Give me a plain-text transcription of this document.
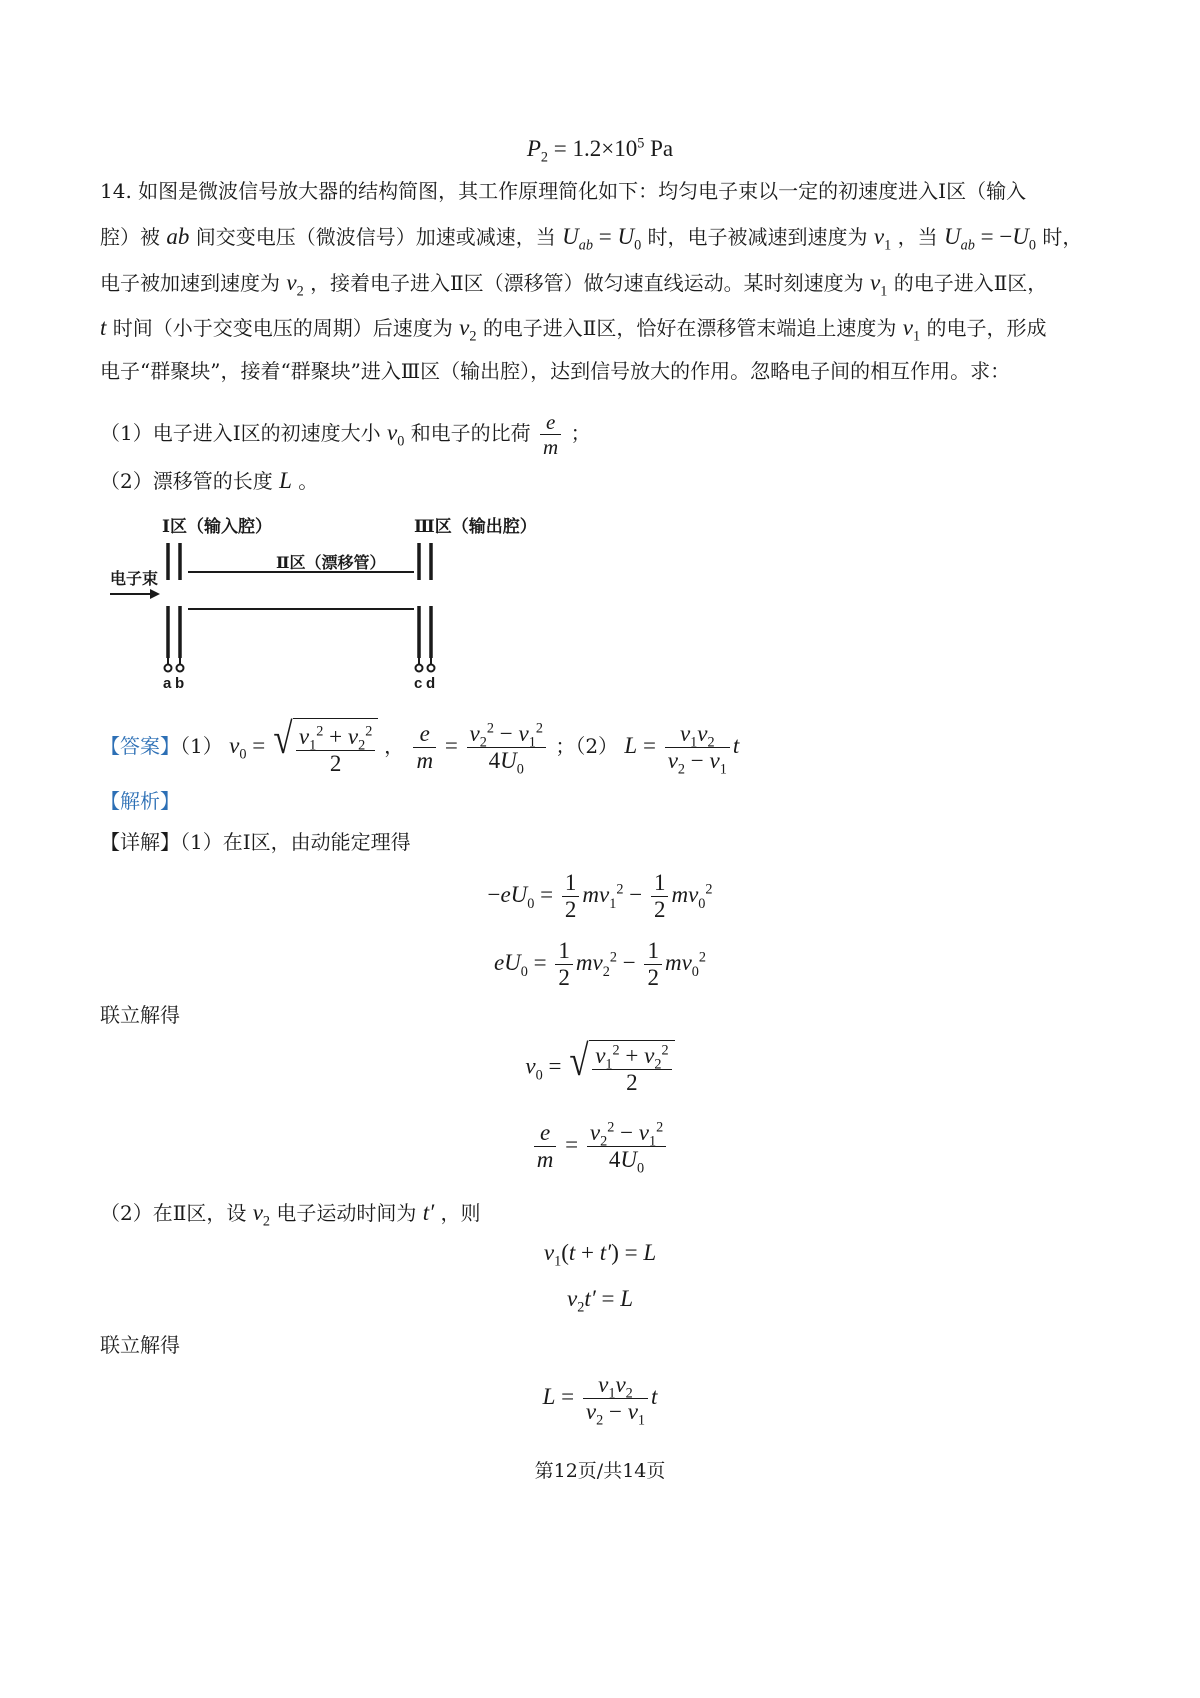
$P_2 = 1.2\times 10^5$ Pa
14. 如图是微波信号放大器的结构简图，其工作原理简化如下：均匀电子束以一定的初速度进入Ⅰ区（输入
腔）被 ab 间交变电压（微波信号）加速或减速，当 $U_{ab} = U_0$ 时，电子被减速到速度为 $v_1$ ，当 $U_{ab} = -U_0$ 时，
电子被加速到速度为 $v_2$ ，接着电子进入Ⅱ区（漂移管）做匀速直线运动。某时刻速度为 $v_1$ 的电子进入Ⅱ区，
t 时间（小于交变电压的周期）后速度为 $v_2$ 的电子进入Ⅱ区，恰好在漂移管末端追上速度为 $v_1$ 的电子，形成
电子“群聚块”，接着“群聚块”进入Ⅲ区（输出腔），达到信号放大的作用。忽略电子间的相互作用。求：
（1）电子进入Ⅰ区的初速度大小 $v_0$ 和电子的比荷 $\frac{e}{m}$ ；
（2）漂移管的长度 L 。
Ⅰ区（输入腔）
Ⅱ区（漂移管）
Ⅲ区（输出腔）
电子束
a b	c d
【答案】（1） $v_0$ = √ $\frac{v_1^2 + v_2^2}{2}$ ， $\frac{e}{m} = \frac{v_2^2 - v_1^2}{4U_0}$ ；（2） $L = \frac{v_1v_2}{v_2 - v_1}$ t
【解析】
【详解】（1）在Ⅰ区，由动能定理得
$-eU_0 = \frac{1}{2} mv_1^2 - \frac{1}{2} mv_0^2$
$eU_0 = \frac{1}{2} mv_2^2 - \frac{1}{2} mv_0^2$
联立解得
$v_0$ = √ $\frac{v_1^2 + v_2^2}{2}$
$\frac{e}{m} = \frac{v_2^2 - v_1^2}{4U_0}$
（2）在Ⅱ区，设 $v_2$ 电子运动时间为 t′ ，则
$v_1(t + t') = L$
$v_2t' = L$
联立解得
$L = \frac{v_1v_2}{v_2 - v_1}$ t
第12页/共14页
